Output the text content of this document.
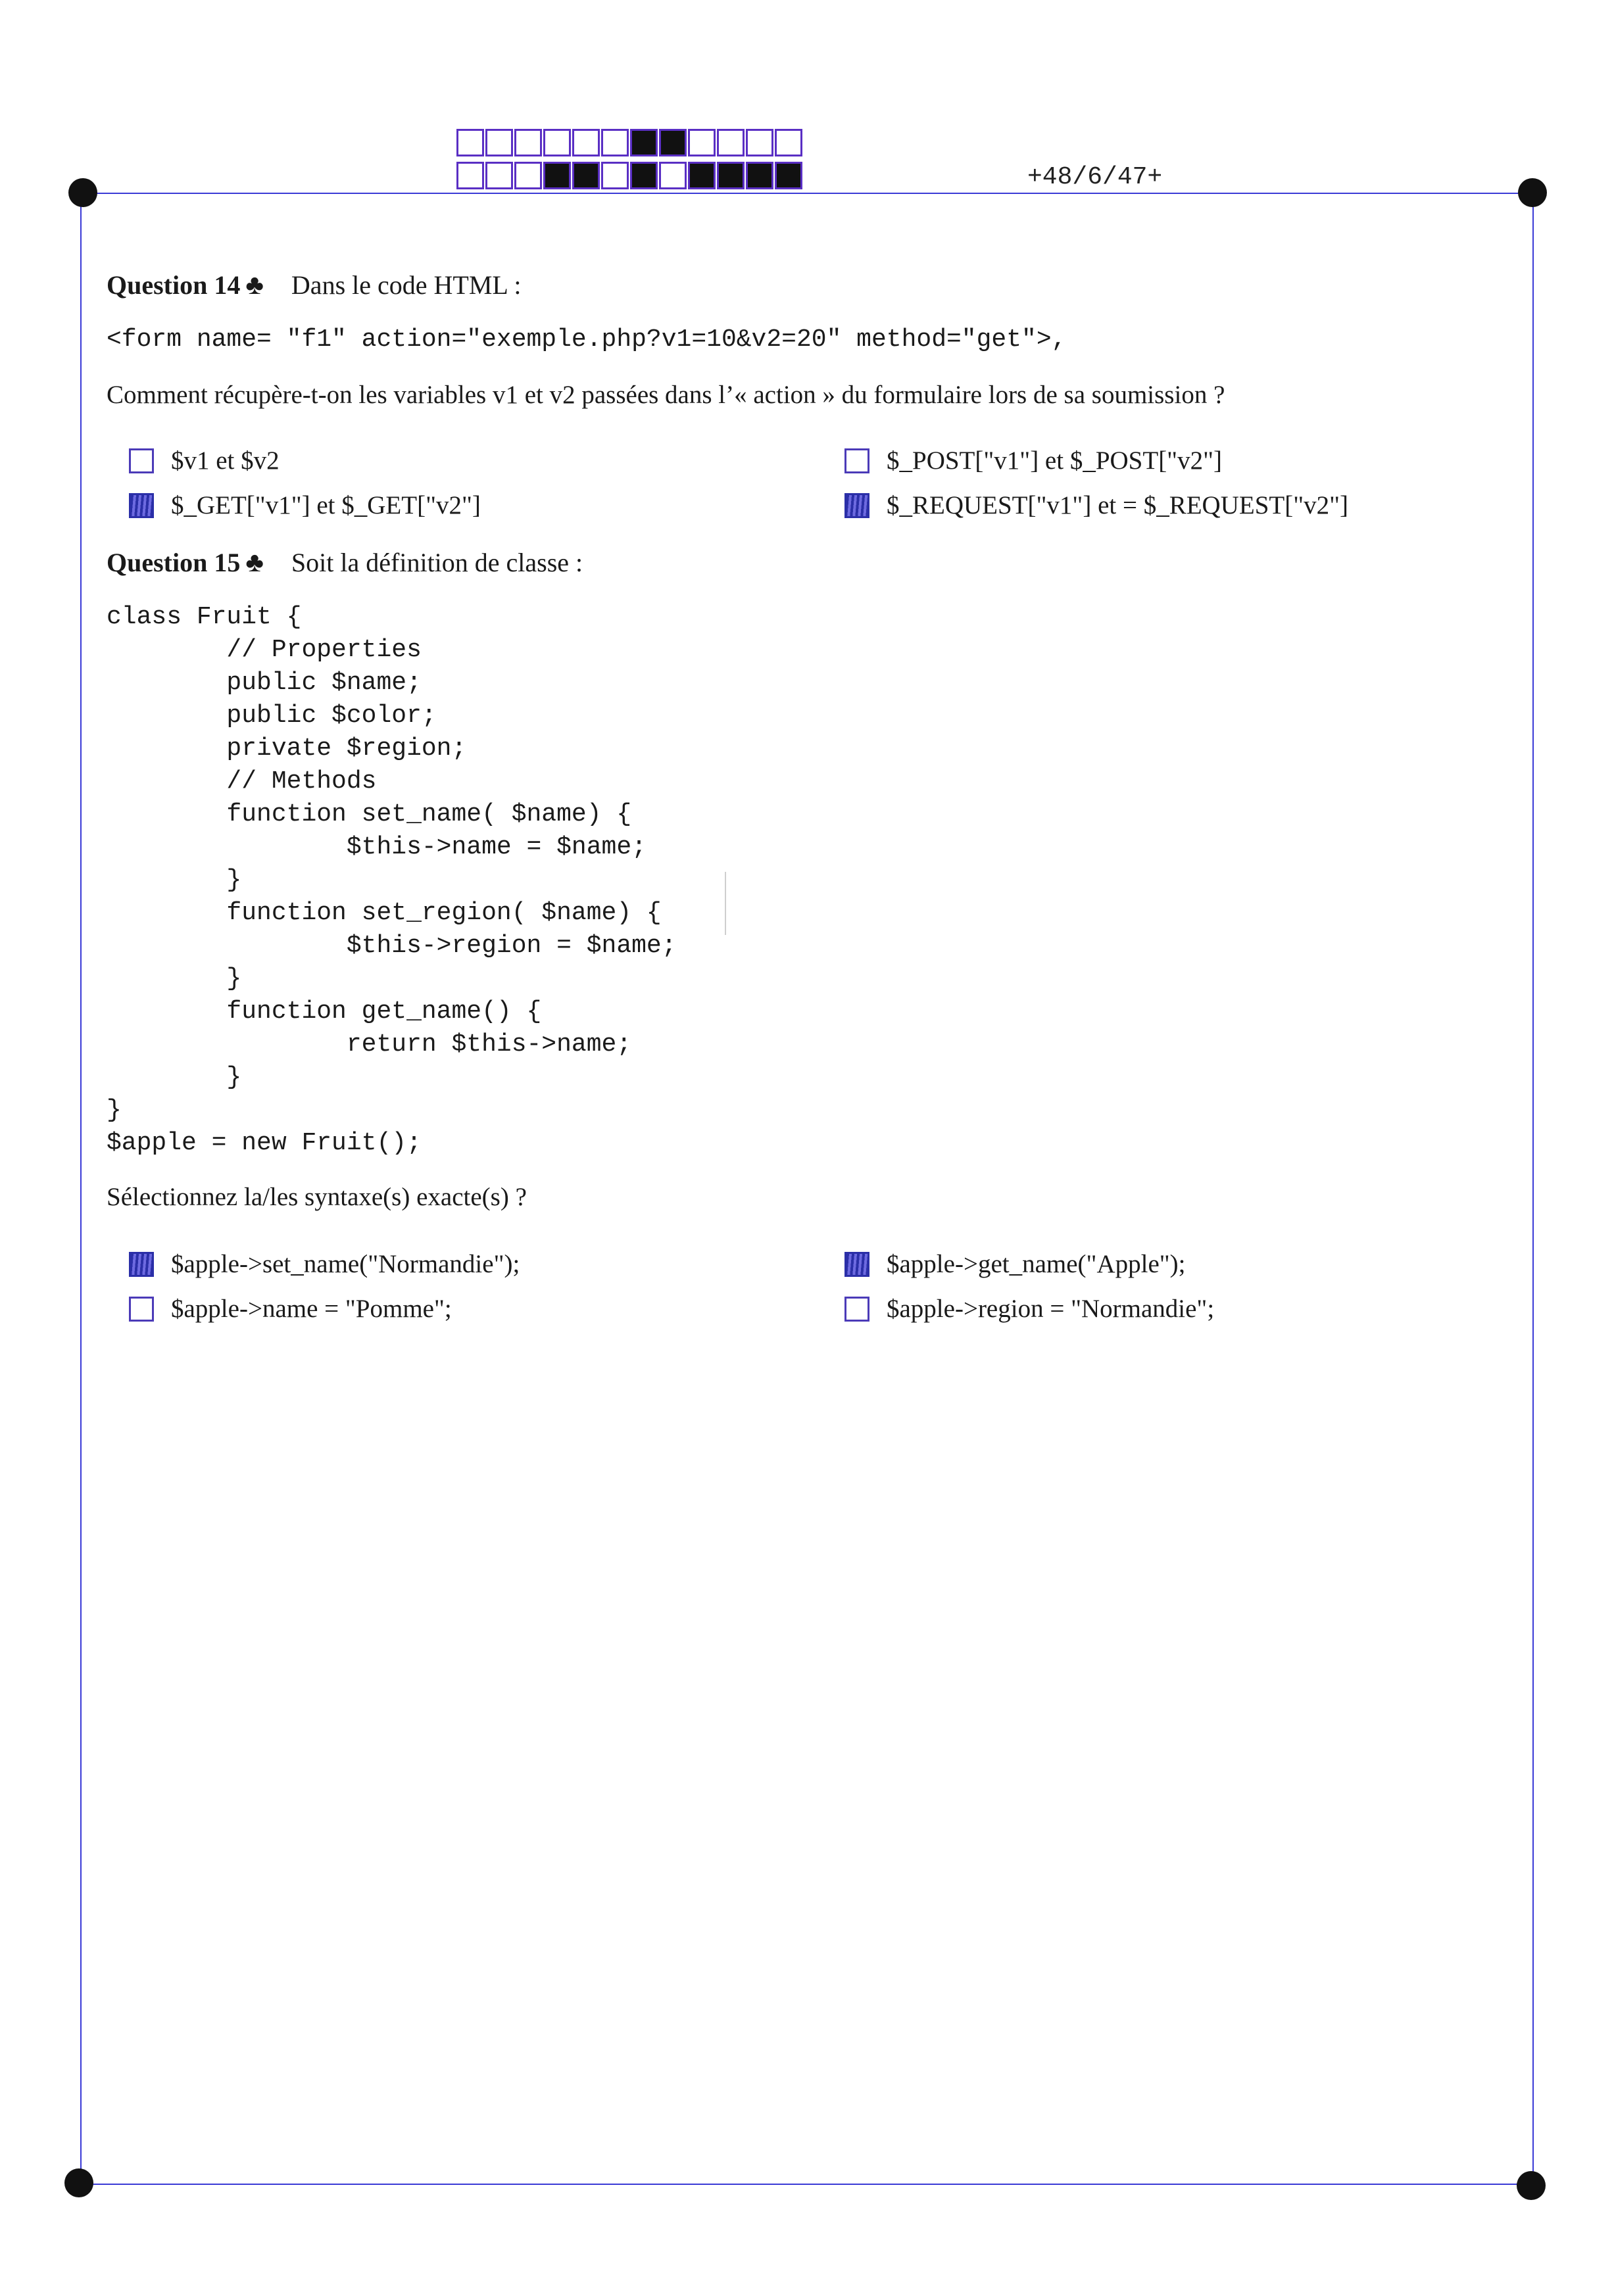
+48/6/47+
Question 14 ♣ Dans le code HTML :
<form name= "f1" action="exemple.php?v1=10&v2=20" method="get">,
Comment récupère-t-on les variables v1 et v2 passées dans l’« action » du formulaire lors de sa soumission ?
$v1 et $v2	$_POST["v1"] et $_POST["v2"]
$_GET["v1"] et $_GET["v2"]	$_REQUEST["v1"] et = $_REQUEST["v2"]
Question 15 ♣ Soit la définition de classe :
class Fruit {
// Properties
public $name;
public $color;
private $region;
// Methods
function set_name( $name) {
$this->name = $name;
}
function set_region( $name) {
$this->region = $name;
}
function get_name() {
return $this->name;
}
}
$apple = new Fruit();
Sélectionnez la/les syntaxe(s) exacte(s) ?
$apple->set_name("Normandie");	$apple->get_name("Apple");
$apple->name = "Pomme";	$apple->region = "Normandie";
